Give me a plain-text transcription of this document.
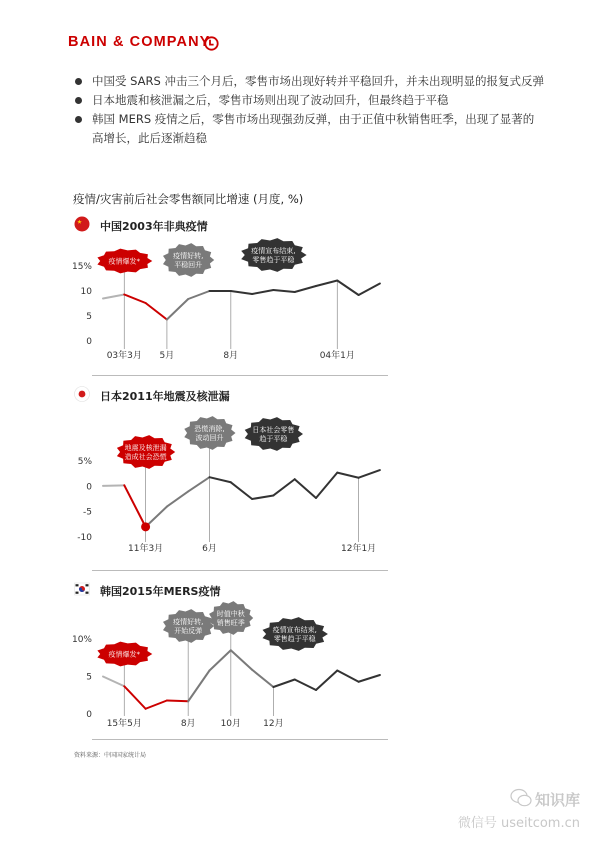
BAIN & COMPANY
中国受 SARS 冲击三个月后，零售市场出现好转并平稳回升，并未出现明显的报复式反弹
日本地震和核泄漏之后，零售市场则出现了波动回升，但最终趋于平稳
韩国 MERS 疫情之后，零售市场出现强劲反弹，由于正值中秋销售旺季，出现了显著的高增长，此后逐渐趋稳
疫情/灾害前后社会零售额同比增速 (月度, %)
中国2003年非典疫情
15%
10
5
0
03年3月 5月	8月	04年1月
疫情爆发*
疫情好转,
平稳回升
疫情宣布结束,
零售趋于平稳
日本2011年地震及核泄漏
5%
0
-5
-10
11年3月	6月	12年1月
地震及核泄漏
造成社会恐慌
恐慌消除,
波动回升
日本社会零售
趋于平稳
韩国2015年MERS疫情
10%
5
0
15年5月	8月	10月 12月
疫情爆发*
疫情好转,
开始反弹
时值中秋
销售旺季
疫情宣布结束,
零售趋于平稳
资料来源：中国国家统计局
知识库
微信号 useitcom.cn
